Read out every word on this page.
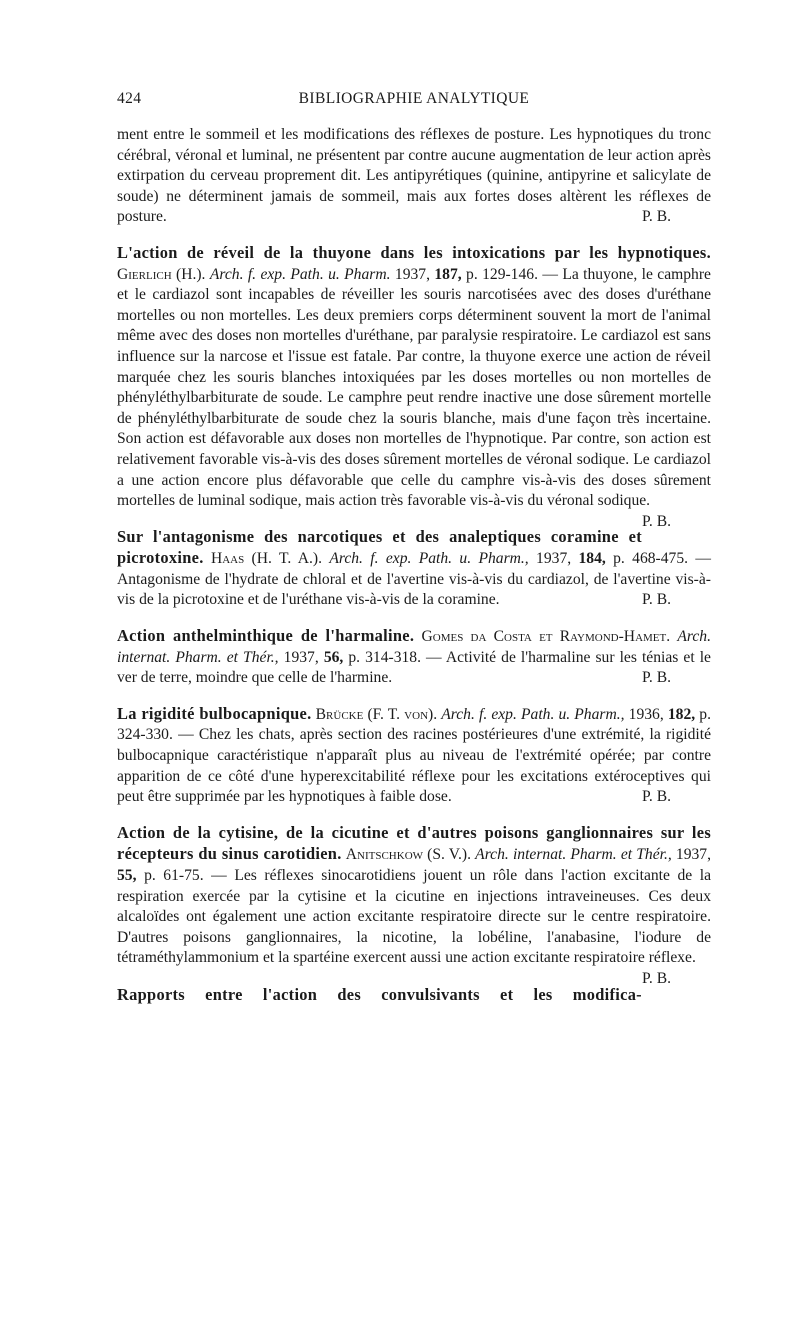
424	BIBLIOGRAPHIE ANALYTIQUE

ment entre le sommeil et les modifications des réflexes de posture. Les hypnotiques du tronc cérébral, véronal et luminal, ne présentent par contre aucune augmentation de leur action après extirpation du cerveau proprement dit. Les antipyrétiques (quinine, antipyrine et salicylate de soude) ne déterminent jamais de sommeil, mais aux fortes doses altèrent les réflexes de posture.	P. B.

L'action de réveil de la thuyone dans les intoxications par les hypnotiques. Gierlich (H.). Arch. f. exp. Path. u. Pharm. 1937, 187, p. 129-146. — La thuyone, le camphre et le cardiazol sont incapables de réveiller les souris narcotisées avec des doses d'uréthane mortelles ou non mortelles. Les deux premiers corps déterminent souvent la mort de l'animal même avec des doses non mortelles d'uréthane, par paralysie respiratoire. Le cardiazol est sans influence sur la narcose et l'issue est fatale. Par contre, la thuyone exerce une action de réveil marquée chez les souris blanches intoxiquées par les doses mortelles ou non mortelles de phényléthylbarbiturate de soude. Le camphre peut rendre inactive une dose sûrement mortelle de phényléthylbarbiturate de soude chez la souris blanche, mais d'une façon très incertaine. Son action est défavorable aux doses non mortelles de l'hypnotique. Par contre, son action est relativement favorable vis-à-vis des doses sûrement mortelles de véronal sodique. Le cardiazol a une action encore plus défavorable que celle du camphre vis-à-vis des doses sûrement mortelles de luminal sodique, mais action très favorable vis-à-vis du véronal sodique.
P. B.

Sur l'antagonisme des narcotiques et des analeptiques coramine et picrotoxine. Haas (H. T. A.). Arch. f. exp. Path. u. Pharm., 1937, 184, p. 468-475. — Antagonisme de l'hydrate de chloral et de l'avertine vis-à-vis du cardiazol, de l'avertine vis-à-vis de la picrotoxine et de l'uréthane vis-à-vis de la coramine.	P. B.

Action anthelminthique de l'harmaline. Gomes da Costa et Raymond-Hamet. Arch. internat. Pharm. et Thér., 1937, 56, p. 314-318. — Activité de l'harmaline sur les ténias et le ver de terre, moindre que celle de l'harmine.	P. B.

La rigidité bulbocapnique. Brücke (F. T. von). Arch. f. exp. Path. u. Pharm., 1936, 182, p. 324-330. — Chez les chats, après section des racines postérieures d'une extrémité, la rigidité bulbocapnique caractéristique n'apparaît plus au niveau de l'extrémité opérée; par contre apparition de ce côté d'une hyperexcitabilité réflexe pour les excitations extéroceptives qui peut être supprimée par les hypnotiques à faible dose.	P. B.

Action de la cytisine, de la cicutine et d'autres poisons ganglionnaires sur les récepteurs du sinus carotidien. Anitschkow (S. V.). Arch. internat. Pharm. et Thér., 1937, 55, p. 61-75. — Les réflexes sinocarotidiens jouent un rôle dans l'action excitante de la respiration exercée par la cytisine et la cicutine en injections intraveineuses. Ces deux alcaloïdes ont également une action excitante respiratoire directe sur le centre respiratoire. D'autres poisons ganglionnaires, la nicotine, la lobéline, l'anabasine, l'iodure de tétraméthylammonium et la spartéine exercent aussi une action excitante respiratoire réflexe.
P. B.

Rapports entre l'action des convulsivants et les modifica-
